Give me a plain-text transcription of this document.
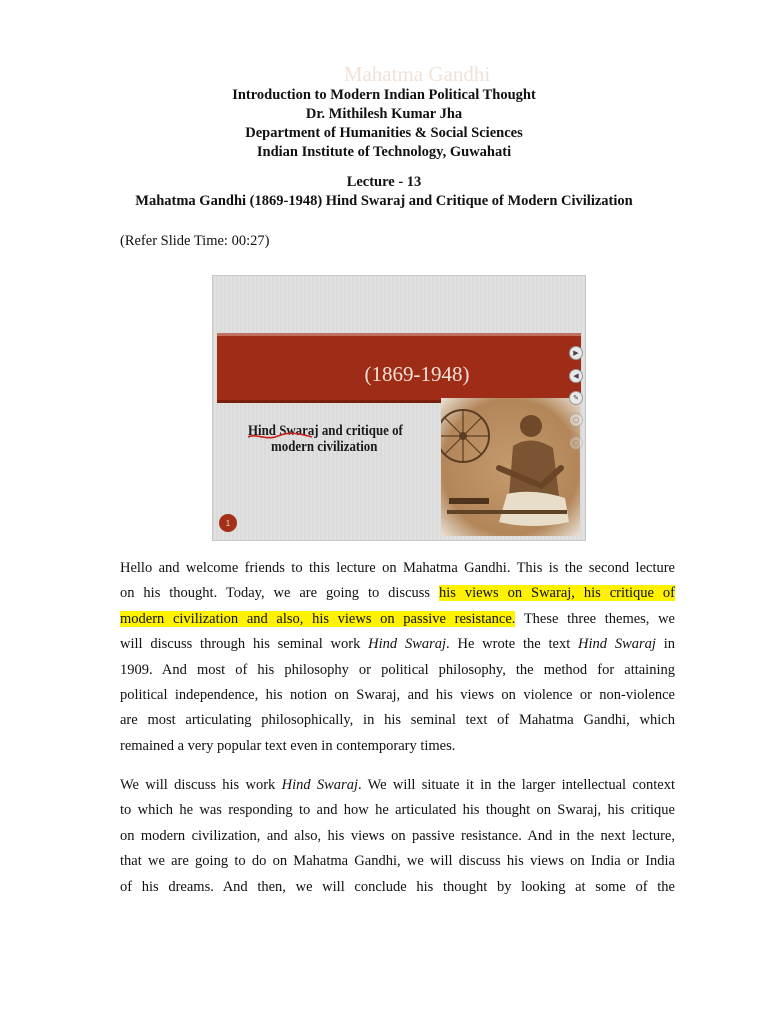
Introduction to Modern Indian Political Thought
Dr. Mithilesh Kumar Jha
Department of Humanities & Social Sciences
Indian Institute of Technology, Guwahati
Lecture - 13
Mahatma Gandhi (1869-1948) Hind Swaraj and Critique of Modern Civilization
(Refer Slide Time: 00:27)
Mahatma Gandhi
(1869-1948)
Hind Swaraj and critique of
modern civilization
1
▶
◀
✎
○
○
Hello and welcome friends to this lecture on Mahatma Gandhi. This is the second lecture
on his thought. Today, we are going to discuss his views on Swaraj, his critique of
modern civilization and also, his views on passive resistance. These three themes, we
will discuss through his seminal work Hind Swaraj. He wrote the text Hind Swaraj in
1909. And most of his philosophy or political philosophy, the method for attaining
political independence, his notion on Swaraj, and his views on violence or non-violence
are most articulating philosophically, in his seminal text of Mahatma Gandhi, which
remained a very popular text even in contemporary times.
We will discuss his work Hind Swaraj. We will situate it in the larger intellectual context
to which he was responding to and how he articulated his thought on Swaraj, his critique
on modern civilization, and also, his views on passive resistance. And in the next lecture,
that we are going to do on Mahatma Gandhi, we will discuss his views on India or India
of his dreams. And then, we will conclude his thought by looking at some of the
